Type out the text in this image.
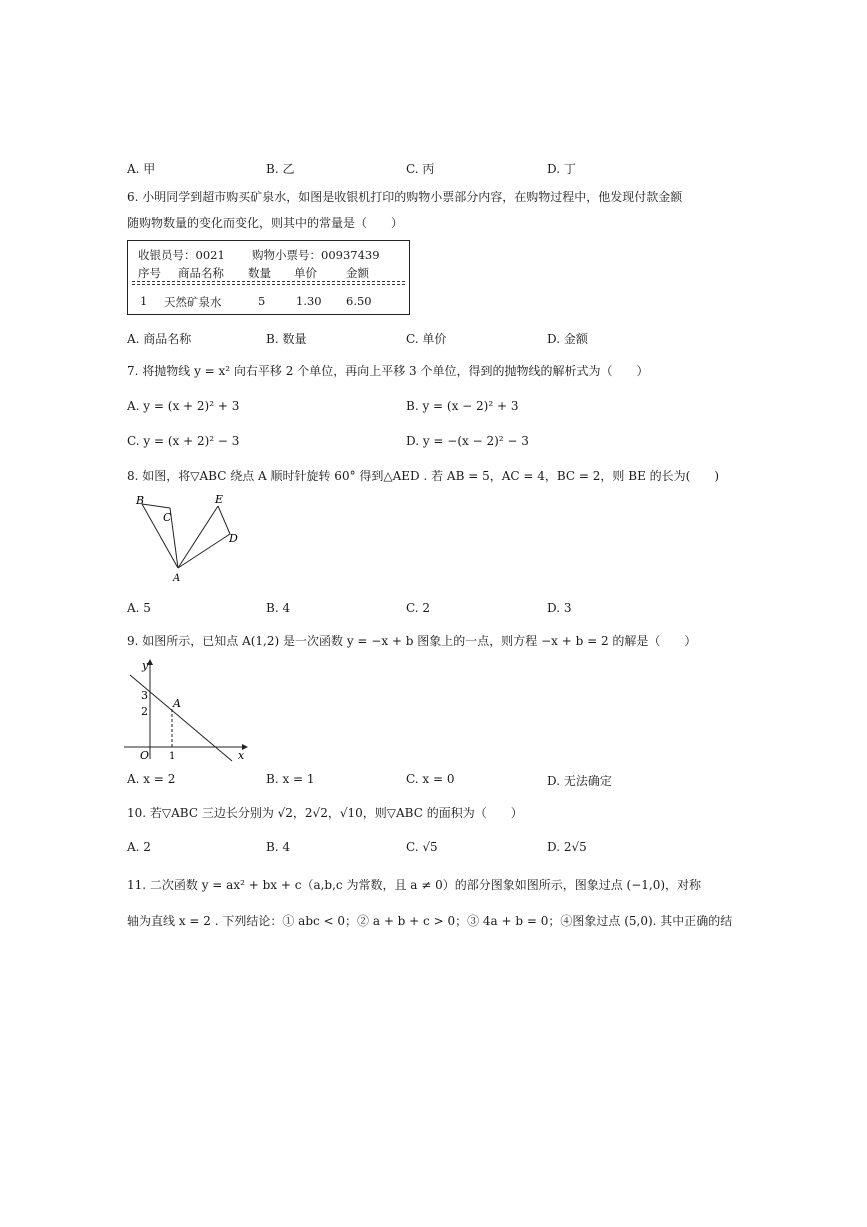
A. 甲	B. 乙	C. 丙	D. 丁
6. 小明同学到超市购买矿泉水，如图是收银机打印的购物小票部分内容，在购物过程中，他发现付款金额
随购物数量的变化而变化，则其中的常量是（　　）
收银员号：0021 购物小票号：00937439
序号 商品名称 数量 单价	金额
1 天然矿泉水	5	1.30 6.50
A. 商品名称	B. 数量	C. 单价	D. 金额
7. 将抛物线 y = x² 向右平移 2 个单位，再向上平移 3 个单位，得到的抛物线的解析式为（　　）
A. y = (x + 2)² + 3	B. y = (x − 2)² + 3
C. y = (x + 2)² − 3	D. y = −(x − 2)² − 3
8. 如图，将▽ABC 绕点 A 顺时针旋转 60° 得到△AED . 若 AB = 5，AC = 4，BC = 2，则 BE 的长为(　　)
B
C
E
D
A
A. 5	B. 4	C. 2	D. 3
9. 如图所示，已知点 A(1,2) 是一次函数 y = −x + b 图象上的一点，则方程 −x + b = 2 的解是（　　）
y
x
O
3
2
1
A
A. x = 2	B. x = 1	C. x = 0	D. 无法确定
10. 若▽ABC 三边长分别为 √2，2√2，√10，则▽ABC 的面积为（　　）
A. 2	B. 4	C. √5	D. 2√5
11. 二次函数 y = ax² + bx + c（a,b,c 为常数，且 a ≠ 0）的部分图象如图所示，图象过点 (−1,0)，对称
轴为直线 x = 2 . 下列结论：① abc < 0；② a + b + c > 0；③ 4a + b = 0；④图象过点 (5,0). 其中正确的结
